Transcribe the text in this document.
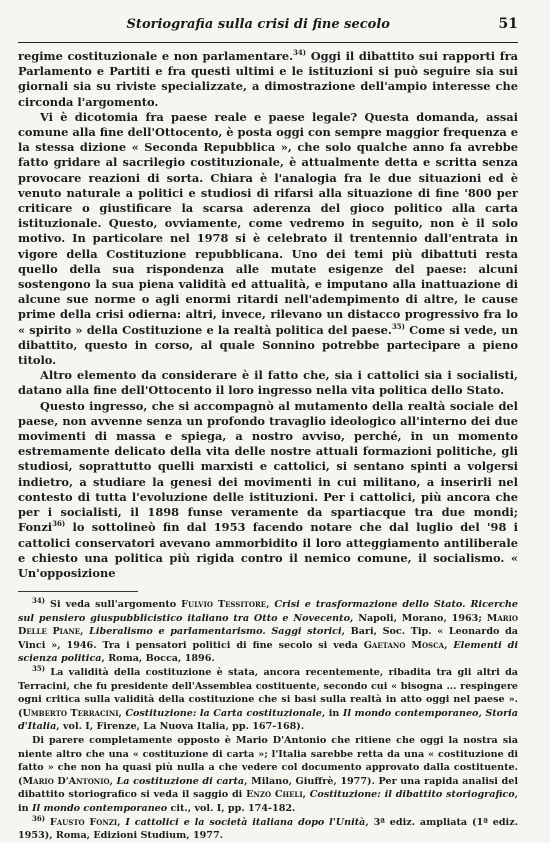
Storiografia sulla crisi di fine secolo	51

regime costituzionale e non parlamentare.$^{34)}$ Oggi il dibattito sui rapporti fra Parlamento e Partiti e fra questi ultimi e le istituzioni si può seguire sia sui giornali sia su riviste specializzate, a dimostrazione dell'ampio interesse che circonda l'argomento.

Vi è dicotomia fra paese reale e paese legale? Questa domanda, assai comune alla fine dell'Ottocento, è posta oggi con sempre maggior frequenza e la stessa dizione « Seconda Repubblica », che solo qualche anno fa avrebbe fatto gridare al sacrilegio costituzionale, è attualmente detta e scritta senza provocare reazioni di sorta. Chiara è l'analogia fra le due situazioni ed è venuto naturale a politici e studiosi di rifarsi alla situazione di fine '800 per criticare o giustificare la scarsa aderenza del gioco politico alla carta istituzionale. Questo, ovviamente, come vedremo in seguito, non è il solo motivo. In particolare nel 1978 si è celebrato il trentennio dall'entrata in vigore della Costituzione repubblicana. Uno dei temi più dibattuti resta quello della sua rispondenza alle mutate esigenze del paese: alcuni sostengono la sua piena validità ed attualità, e imputano alla inattuazione di alcune sue norme o agli enormi ritardi nell'adempimento di altre, le cause prime della crisi odierna: altri, invece, rilevano un distacco progressivo fra lo « spirito » della Costituzione e la realtà politica del paese.$^{35)}$ Come si vede, un dibattito, questo in corso, al quale Sonnino potrebbe partecipare a pieno titolo.

Altro elemento da considerare è il fatto che, sia i cattolici sia i socialisti, datano alla fine dell'Ottocento il loro ingresso nella vita politica dello Stato.

Questo ingresso, che si accompagnò al mutamento della realtà sociale del paese, non avvenne senza un profondo travaglio ideologico all'interno dei due movimenti di massa e spiega, a nostro avviso, perché, in un momento estremamente delicato della vita delle nostre attuali formazioni politiche, gli studiosi, soprattutto quelli marxisti e cattolici, si sentano spinti a volgersi indietro, a studiare la genesi dei movimenti in cui militano, a inserirli nel contesto di tutta l'evoluzione delle istituzioni. Per i cattolici, più ancora che per i socialisti, il 1898 funse veramente da spartiacque tra due mondi; Fonzi$^{36)}$ lo sottolineò fin dal 1953 facendo notare che dal luglio del '98 i cattolici conservatori avevano ammorbidito il loro atteggiamento antiliberale e chiesto una politica più rigida contro il nemico comune, il socialismo. « Un'opposizione

$^{34)}$ Si veda sull'argomento Fulvio Tessitore, Crisi e trasformazione dello Stato. Ricerche sul pensiero giuspubblicistico italiano tra Otto e Novecento, Napoli, Morano, 1963; Mario Delle Piane, Liberalismo e parlamentarismo. Saggi storici, Bari, Soc. Tip. « Leonardo da Vinci », 1946. Tra i pensatori politici di fine secolo si veda Gaetano Mosca, Elementi di scienza politica, Roma, Bocca, 1896.

$^{35)}$ La validità della costituzione è stata, ancora recentemente, ribadita tra gli altri da Terracini, che fu presidente dell'Assemblea costituente, secondo cui « bisogna ... respingere ogni critica sulla validità della costituzione che si basi sulla realtà in atto oggi nel paese ». (Umberto Terracini, Costituzione: la Carta costituzionale, in Il mondo contemporaneo, Storia d'Italia, vol. I, Firenze, La Nuova Italia, pp. 167-168).

Di parere completamente opposto è Mario D'Antonio che ritiene che oggi la nostra sia niente altro che una « costituzione di carta »; l'Italia sarebbe retta da una « costituzione di fatto » che non ha quasi più nulla a che vedere col documento approvato dalla costituente. (Mario D'Antonio, La costituzione di carta, Milano, Giuffrè, 1977). Per una rapida analisi del dibattito storiografico si veda il saggio di Enzo Cheli, Costituzione: il dibattito storiografico, in Il mondo contemporaneo cit., vol. I, pp. 174-182.

$^{36)}$ Fausto Fonzi, I cattolici e la società italiana dopo l'Unità, 3ª ediz. ampliata (1ª ediz. 1953), Roma, Edizioni Studium, 1977.
